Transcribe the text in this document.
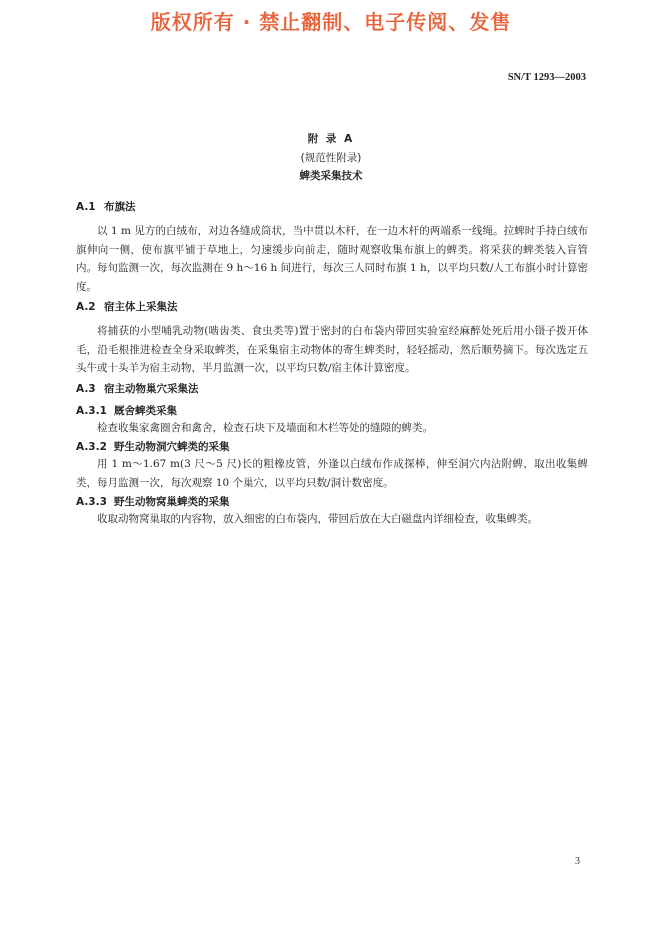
版权所有 · 禁止翻制、电子传阅、发售
SN/T 1293—2003
附 录 A
(规范性附录)
蜱类采集技术
A.1 布旗法

以 1 m 见方的白绒布，对边各缝成筒状，当中贯以木杆，在一边木杆的两端系一线绳。拉蜱时手持白绒布旗伸向一侧，使布旗平铺于草地上，匀速缓步向前走，随时观察收集布旗上的蜱类。将采获的蜱类装入盲管内。每旬监测一次，每次监测在 9 h～16 h 间进行，每次三人同时布旗 1 h，以平均只数/人工布旗小时计算密度。

A.2 宿主体上采集法

将捕获的小型哺乳动物(啮齿类、食虫类等)置于密封的白布袋内带回实验室经麻醉处死后用小镊子拨开体毛，沿毛根推进检查全身采取蜱类，在采集宿主动物体的寄生蜱类时，轻轻摇动，然后顺势摘下。每次选定五头牛或十头羊为宿主动物，半月监测一次，以平均只数/宿主体计算密度。

A.3 宿主动物巢穴采集法
A.3.1 厩舍蜱类采集

检查收集家禽圈舍和禽舍，检查石块下及墙面和木栏等处的缝隙的蜱类。

A.3.2 野生动物洞穴蜱类的采集

用 1 m～1.67 m(3 尺～5 尺)长的粗橡皮管，外逢以白绒布作成探棒，伸至洞穴内沾附蜱，取出收集蜱类，每月监测一次，每次观察 10 个巢穴，以平均只数/洞计数密度。

A.3.3 野生动物窝巢蜱类的采集

收取动物窝巢取的内容物，放入细密的白布袋内，带回后放在大白磁盘内详细检查，收集蜱类。

3
